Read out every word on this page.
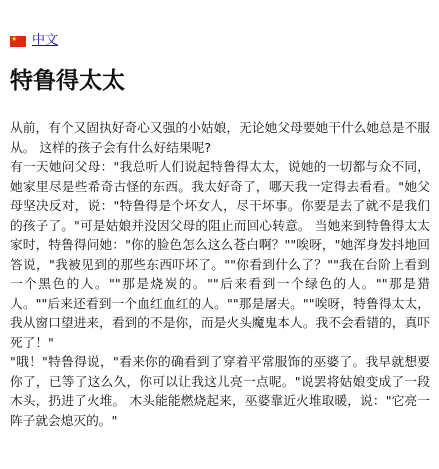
★ 中文
特鲁得太太

从前，有个又固执好奇心又强的小姑娘，无论她父母要她干什么她总是不服从。 这样的孩子会有什么好结果呢?

有一天她问父母："我总听人们说起特鲁得太太，说她的一切都与众不同，她家里尽是些希奇古怪的东西。我太好奇了，哪天我一定得去看看。"她父母坚决反对，说："特鲁得是个坏女人，尽干坏事。你要是去了就不是我们的孩子了。"可是姑娘并没因父母的阻止而回心转意。 当她来到特鲁得太太家时，特鲁得问她："你的脸色怎么这么苍白啊？""唉呀，"她浑身发抖地回答说，"我被见到的那些东西吓坏了。""你看到什么了？""我在台阶上看到一个黑色的人。""那是烧炭的。""后来看到一个绿色的人。""那是猎人。""后来还看到一个血红血红的人。""那是屠夫。""唉呀，特鲁得太太，我从窗口望进来，看到的不是你，而是火头魔鬼本人。我不会看错的，真吓死了！"

"哦！"特鲁得说，"看来你的确看到了穿着平常服饰的巫婆了。我早就想要你了，已等了这么久，你可以让我这儿亮一点呢。"说罢将姑娘变成了一段木头，扔进了火堆。 木头能能燃烧起来，巫婆靠近火堆取暖，说："它亮一阵子就会熄灭的。"
